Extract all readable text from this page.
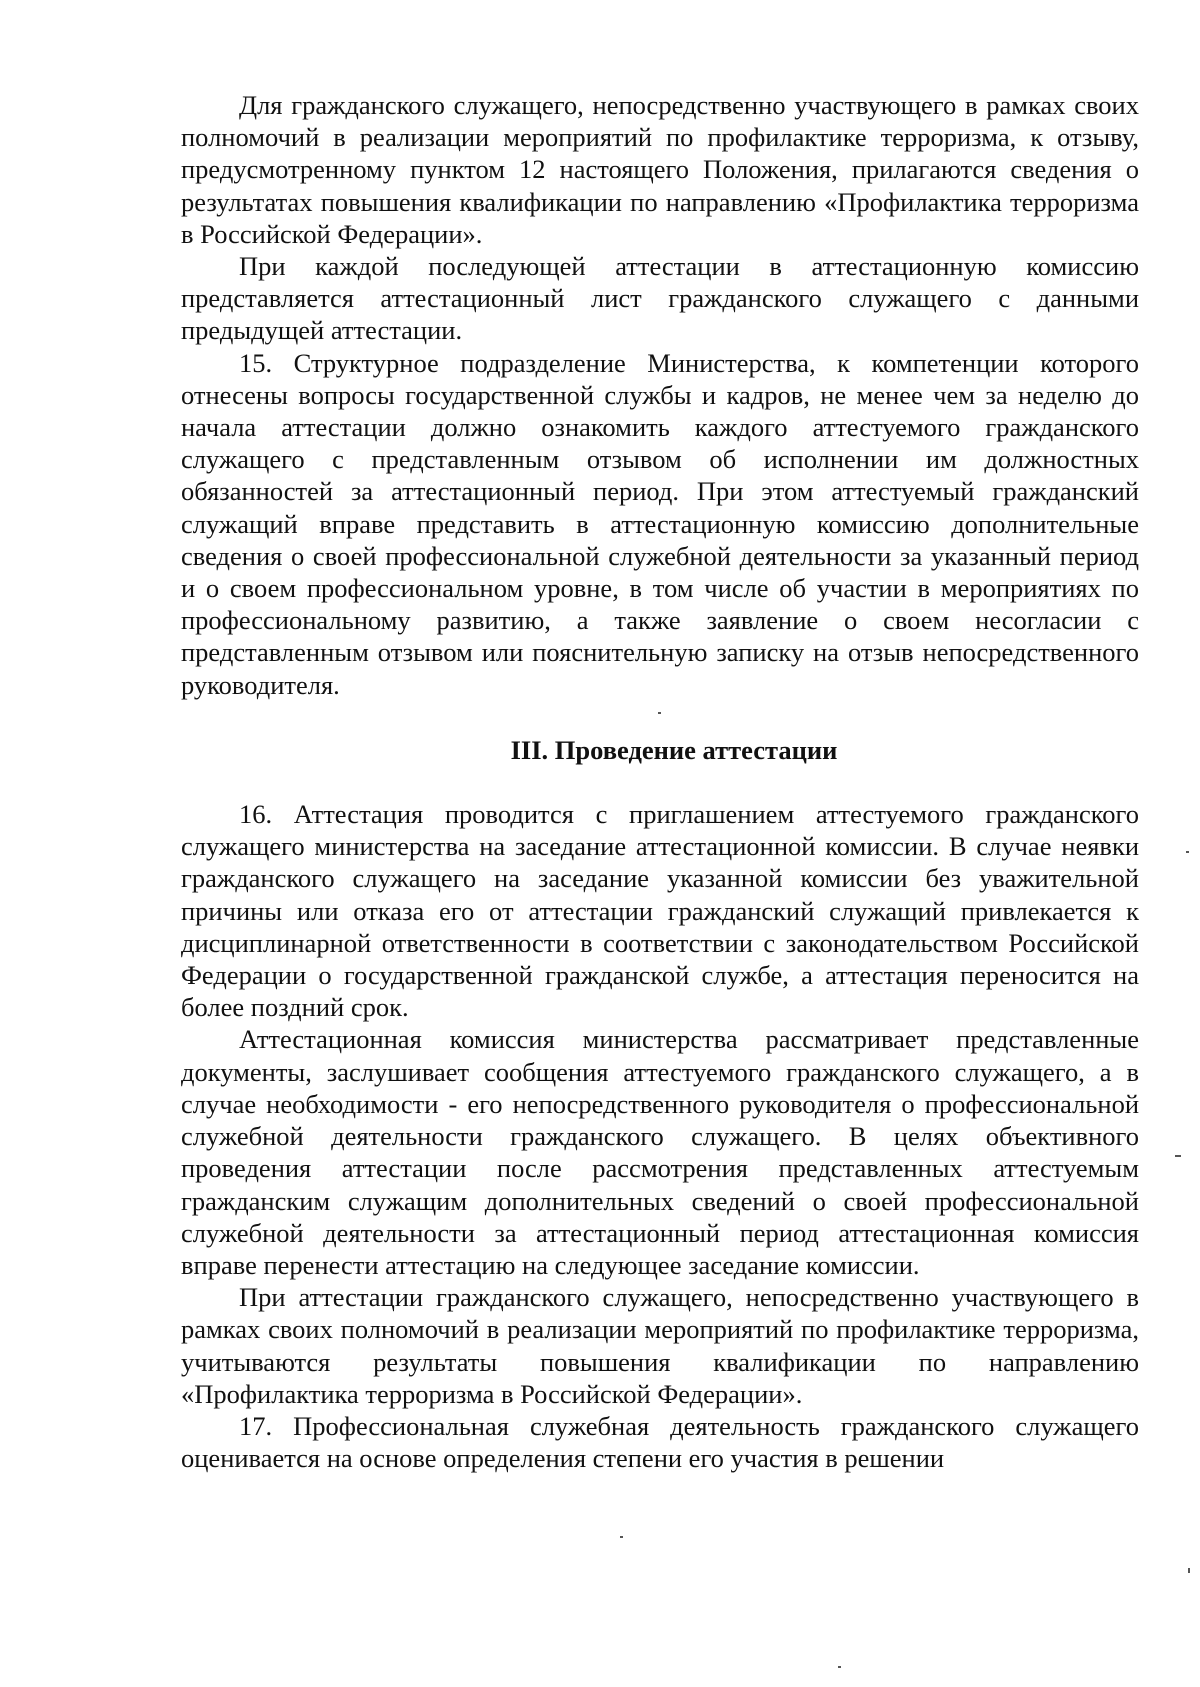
Для гражданского служащего, непосредственно участвующего в рамках своих полномочий в реализации мероприятий по профилактике терроризма, к отзыву, предусмотренному пунктом 12 настоящего Положения, прилагаются сведения о результатах повышения квалификации по направлению «Профилактика терроризма в Российской Федерации».

При каждой последующей аттестации в аттестационную комиссию представляется аттестационный лист гражданского служащего с данными предыдущей аттестации.

15. Структурное подразделение Министерства, к компетенции которого отнесены вопросы государственной службы и кадров, не менее чем за неделю до начала аттестации должно ознакомить каждого аттестуемого гражданского служащего с представленным отзывом об исполнении им должностных обязанностей за аттестационный период. При этом аттестуемый гражданский служащий вправе представить в аттестационную комиссию дополнительные сведения о своей профессиональной служебной деятельности за указанный период и о своем профессиональном уровне, в том числе об участии в мероприятиях по профессиональному развитию, а также заявление о своем несогласии с представленным отзывом или пояснительную записку на отзыв непосредственного руководителя.

III. Проведение аттестации

16. Аттестация проводится с приглашением аттестуемого гражданского служащего министерства на заседание аттестационной комиссии. В случае неявки гражданского служащего на заседание указанной комиссии без уважительной причины или отказа его от аттестации гражданский служащий привлекается к дисциплинарной ответственности в соответствии с законодательством Российской Федерации о государственной гражданской службе, а аттестация переносится на более поздний срок.

Аттестационная комиссия министерства рассматривает представленные документы, заслушивает сообщения аттестуемого гражданского служащего, а в случае необходимости - его непосредственного руководителя о профессиональной служебной деятельности гражданского служащего. В целях объективного проведения аттестации после рассмотрения представленных аттестуемым гражданским служащим дополнительных сведений о своей профессиональной служебной деятельности за аттестационный период аттестационная комиссия вправе перенести аттестацию на следующее заседание комиссии.

При аттестации гражданского служащего, непосредственно участвующего в рамках своих полномочий в реализации мероприятий по профилактике терроризма, учитываются результаты повышения квалификации по направлению «Профилактика терроризма в Российской Федерации».

17. Профессиональная служебная деятельность гражданского служащего оценивается на основе определения степени его участия в решении
